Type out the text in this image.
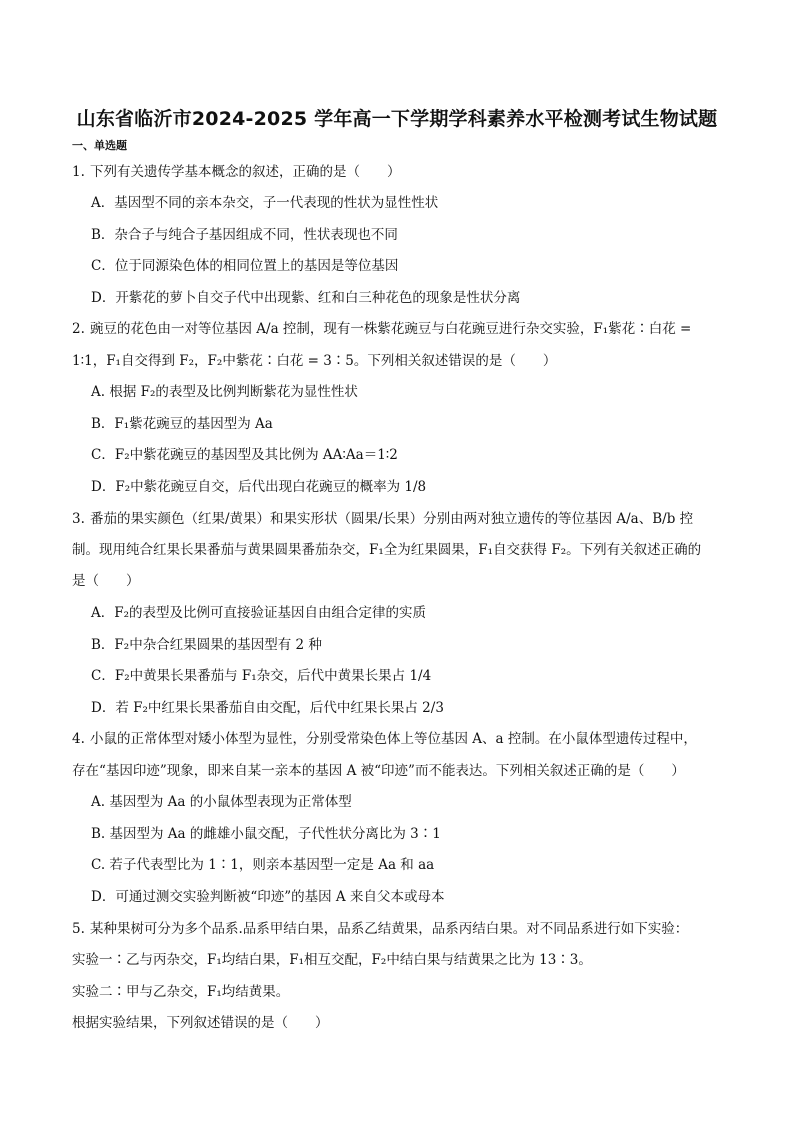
山东省临沂市2024-2025 学年高一下学期学科素养水平检测考试生物试题
一、单选题
1. 下列有关遗传学基本概念的叙述，正确的是（　　）
A．基因型不同的亲本杂交，子一代表现的性状为显性性状
B．杂合子与纯合子基因组成不同，性状表现也不同
C．位于同源染色体的相同位置上的基因是等位基因
D．开紫花的萝卜自交子代中出现紫、红和白三种花色的现象是性状分离
2. 豌豆的花色由一对等位基因 A/a 控制，现有一株紫花豌豆与白花豌豆进行杂交实验，F₁紫花∶白花 =
1∶1，F₁自交得到 F₂，F₂中紫花∶白花 = 3∶5。下列相关叙述错误的是（　　）
A. 根据 F₂的表型及比例判断紫花为显性性状
B．F₁紫花豌豆的基因型为 Aa
C．F₂中紫花豌豆的基因型及其比例为 AA∶Aa＝1∶2
D．F₂中紫花豌豆自交，后代出现白花豌豆的概率为 1/8
3. 番茄的果实颜色（红果/黄果）和果实形状（圆果/长果）分别由两对独立遗传的等位基因 A/a、B/b 控
制。现用纯合红果长果番茄与黄果圆果番茄杂交，F₁全为红果圆果，F₁自交获得 F₂。下列有关叙述正确的
是（　　）
A．F₂的表型及比例可直接验证基因自由组合定律的实质
B．F₂中杂合红果圆果的基因型有 2 种
C．F₂中黄果长果番茄与 F₁杂交，后代中黄果长果占 1/4
D．若 F₂中红果长果番茄自由交配，后代中红果长果占 2/3
4. 小鼠的正常体型对矮小体型为显性，分别受常染色体上等位基因 A、a 控制。在小鼠体型遗传过程中，
存在“基因印迹”现象，即来自某一亲本的基因 A 被“印迹”而不能表达。下列相关叙述正确的是（　　）
A. 基因型为 Aa 的小鼠体型表现为正常体型
B. 基因型为 Aa 的雌雄小鼠交配，子代性状分离比为 3∶1
C. 若子代表型比为 1∶1，则亲本基因型一定是 Aa 和 aa
D．可通过测交实验判断被“印迹”的基因 A 来自父本或母本
5. 某种果树可分为多个品系.品系甲结白果，品系乙结黄果，品系丙结白果。对不同品系进行如下实验：
实验一∶乙与丙杂交，F₁均结白果，F₁相互交配，F₂中结白果与结黄果之比为 13∶3。
实验二∶甲与乙杂交，F₁均结黄果。
根据实验结果，下列叙述错误的是（　　）
